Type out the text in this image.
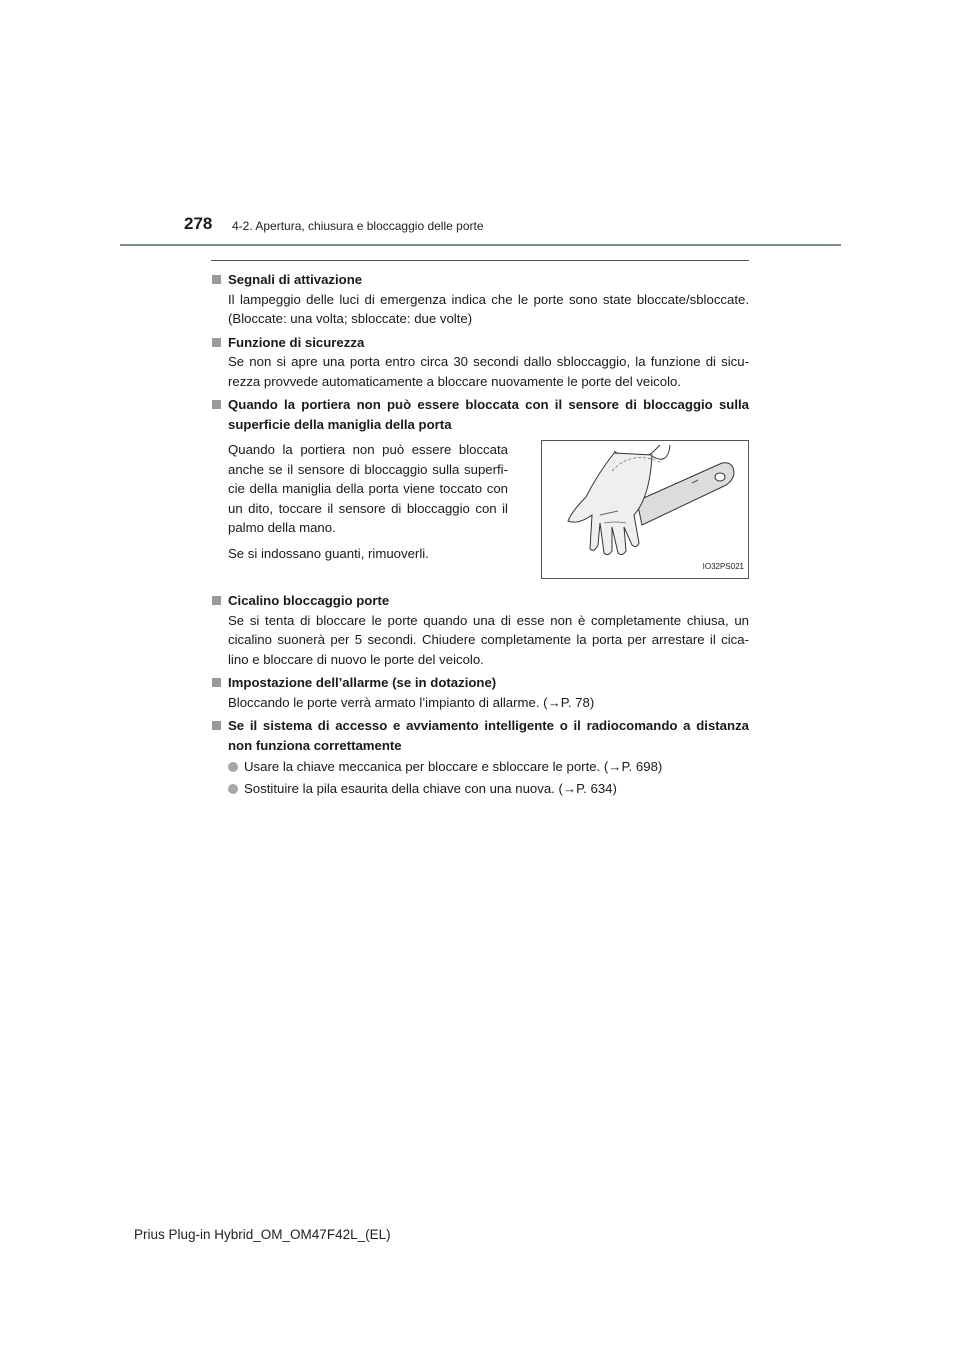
278 4-2. Apertura, chiusura e bloccaggio delle porte
Segnali di attivazione

Il lampeggio delle luci di emergenza indica che le porte sono state bloccate/sbloccate. (Bloccate: una volta; sbloccate: due volte)

Funzione di sicurezza

Se non si apre una porta entro circa 30 secondi dallo sbloccaggio, la funzione di sicu-rezza provvede automaticamente a bloccare nuovamente le porte del veicolo.

Quando la portiera non può essere bloccata con il sensore di bloccaggio sulla superficie della maniglia della porta

Quando la portiera non può essere bloccata anche se il sensore di bloccaggio sulla superfi-cie della maniglia della porta viene toccato con un dito, toccare il sensore di bloccaggio con il palmo della mano.

Se si indossano guanti, rimuoverli.

IO32PS021
Cicalino bloccaggio porte

Se si tenta di bloccare le porte quando una di esse non è completamente chiusa, un cicalino suonerà per 5 secondi. Chiudere completamente la porta per arrestare il cica-lino e bloccare di nuovo le porte del veicolo.

Impostazione dell’allarme (se in dotazione)

Bloccando le porte verrà armato l’impianto di allarme. (→P. 78)

Se il sistema di accesso e avviamento intelligente o il radiocomando a distanza non funziona correttamente
Usare la chiave meccanica per bloccare e sbloccare le porte. (→P. 698)
Sostituire la pila esaurita della chiave con una nuova. (→P. 634)
Prius Plug-in Hybrid_OM_OM47F42L_(EL)
